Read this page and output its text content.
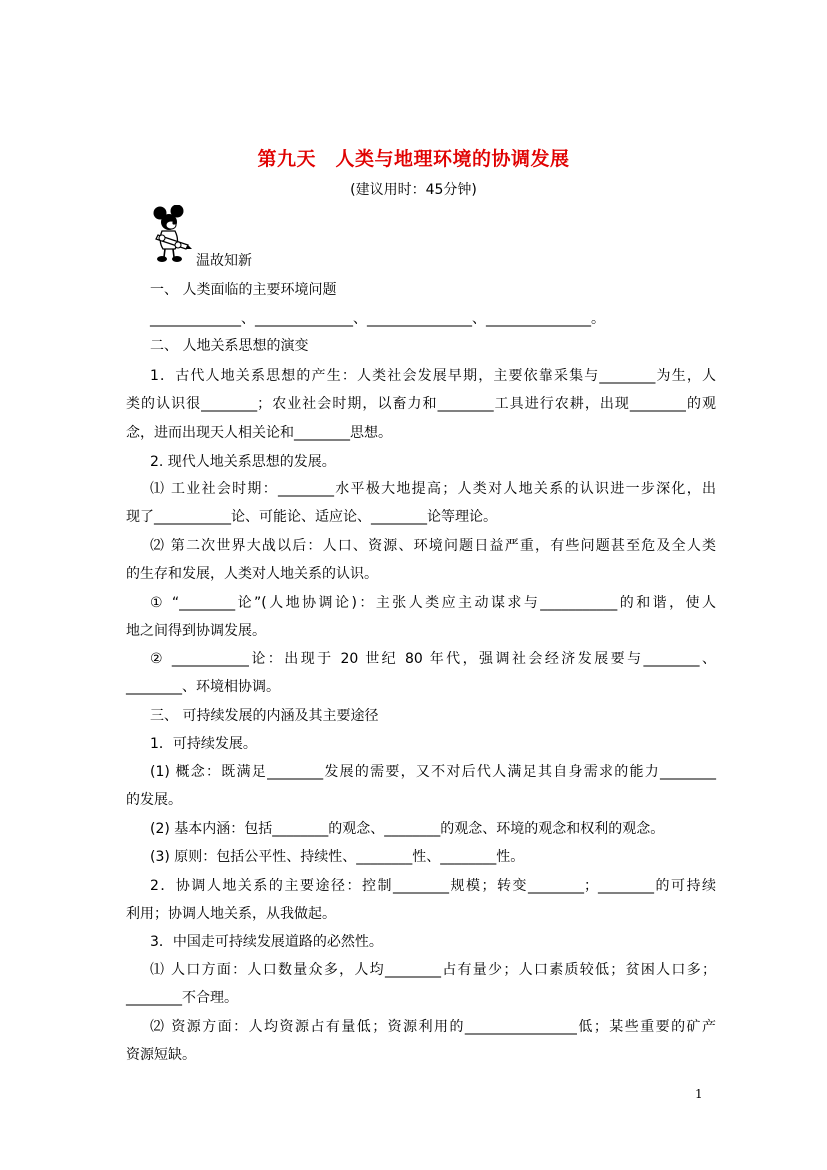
第九天　人类与地理环境的协调发展
(建议用时：45分钟)
温故知新
一、 人类面临的主要环境问题
_____________、______________、_______________、_______________。
二、 人地关系思想的演变
1．古代人地关系思想的产生：人类社会发展早期，主要依靠采集与________为生，人
类的认识很________；农业社会时期，以畜力和________工具进行农耕，出现________的观
念，进而出现天人相关论和________思想。
2. 现代人地关系思想的发展。
⑴ 工业社会时期：________水平极大地提高；人类对人地关系的认识进一步深化，出
现了___________论、可能论、适应论、________论等理论。
⑵ 第二次世界大战以后：人口、资源、环境问题日益严重，有些问题甚至危及全人类
的生存和发展，人类对人地关系的认识。
① “________论”(人地协调论)：主张人类应主动谋求与___________的和谐，使人
地之间得到协调发展。
② ___________论：出现于 20 世纪 80 年代，强调社会经济发展要与________、
________、环境相协调。
三、 可持续发展的内涵及其主要途径
1．可持续发展。
(1) 概念：既满足________发展的需要，又不对后代人满足其自身需求的能力________
的发展。
(2) 基本内涵：包括________的观念、________的观念、环境的观念和权利的观念。
(3) 原则：包括公平性、持续性、________性、________性。
2．协调人地关系的主要途径：控制________规模；转变________；________的可持续
利用；协调人地关系，从我做起。
3．中国走可持续发展道路的必然性。
⑴ 人口方面：人口数量众多，人均________占有量少；人口素质较低；贫困人口多；
________不合理。
⑵ 资源方面：人均资源占有量低；资源利用的________________低；某些重要的矿产
资源短缺。
1
